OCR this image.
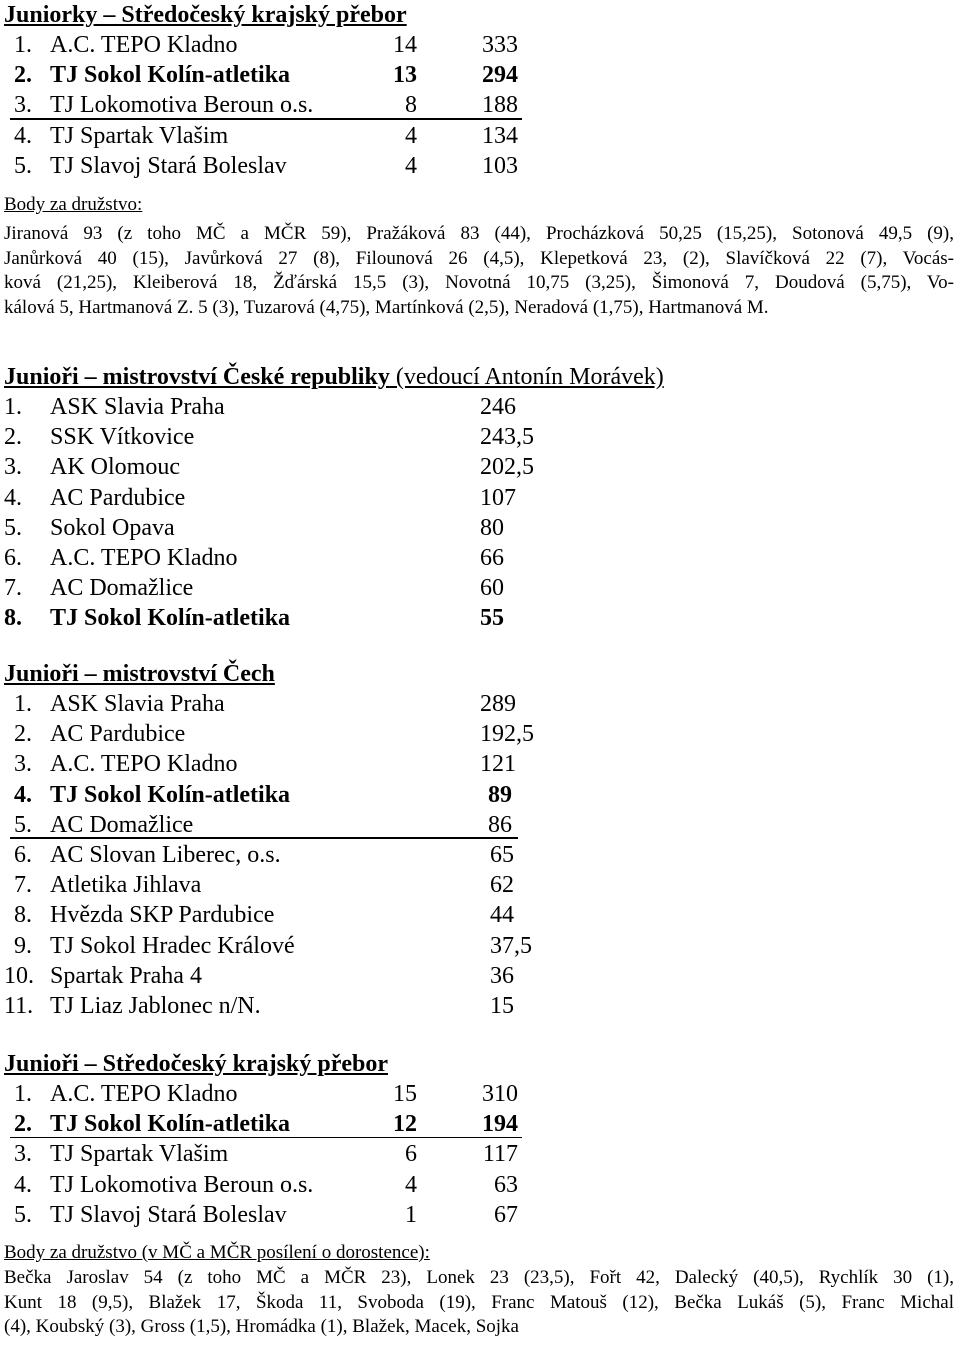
Juniorky – Středočeský krajský přebor
1. A.C. TEPO Kladno	14	333
2. TJ Sokol Kolín-atletika	13	294
3. TJ Lokomotiva Beroun o.s.	8	188
4. TJ Spartak Vlašim	4	134
5. TJ Slavoj Stará Boleslav	4	103
Body za družstvo:
Jiranová 93 (z toho MČ a MČR 59), Pražáková 83 (44), Procházková 50,25 (15,25), Sotonová 49,5 (9),
Janůrková 40 (15), Javůrková 27 (8), Filounová 26 (4,5), Klepetková 23, (2), Slavíčková 22 (7), Vocás-
ková (21,25), Kleiberová 18, Žďárská 15,5 (3), Novotná 10,75 (3,25), Šimonová 7, Doudová (5,75), Vo-
kálová 5, Hartmanová Z. 5 (3), Tuzarová (4,75), Martínková (2,5), Neradová (1,75), Hartmanová M.
Junioři – mistrovství České republiky (vedoucí Antonín Morávek)
1. ASK Slavia Praha	246
2. SSK Vítkovice	243,5
3. AK Olomouc	202,5
4. AC Pardubice	107
5. Sokol Opava	80
6. A.C. TEPO Kladno	66
7. AC Domažlice	60
8. TJ Sokol Kolín-atletika	55
Junioři – mistrovství Čech
1. ASK Slavia Praha	289
2. AC Pardubice	192,5
3. A.C. TEPO Kladno	121
4. TJ Sokol Kolín-atletika	89
5. AC Domažlice	86
6. AC Slovan Liberec, o.s.	65
7. Atletika Jihlava	62
8. Hvězda SKP Pardubice	44
9. TJ Sokol Hradec Králové	37,5
10. Spartak Praha 4	36
11. TJ Liaz Jablonec n/N.	15
Junioři – Středočeský krajský přebor
1. A.C. TEPO Kladno	15	310
2. TJ Sokol Kolín-atletika	12	194
3. TJ Spartak Vlašim	6	117
4. TJ Lokomotiva Beroun o.s.	4	63
5. TJ Slavoj Stará Boleslav	1	67
Body za družstvo (v MČ a MČR posílení o dorostence):
Bečka Jaroslav 54 (z toho MČ a MČR 23), Lonek 23 (23,5), Fořt 42, Dalecký (40,5), Rychlík 30 (1),
Kunt 18 (9,5), Blažek 17, Škoda 11, Svoboda (19), Franc Matouš (12), Bečka Lukáš (5), Franc Michal
(4), Koubský (3), Gross (1,5), Hromádka (1), Blažek, Macek, Sojka
